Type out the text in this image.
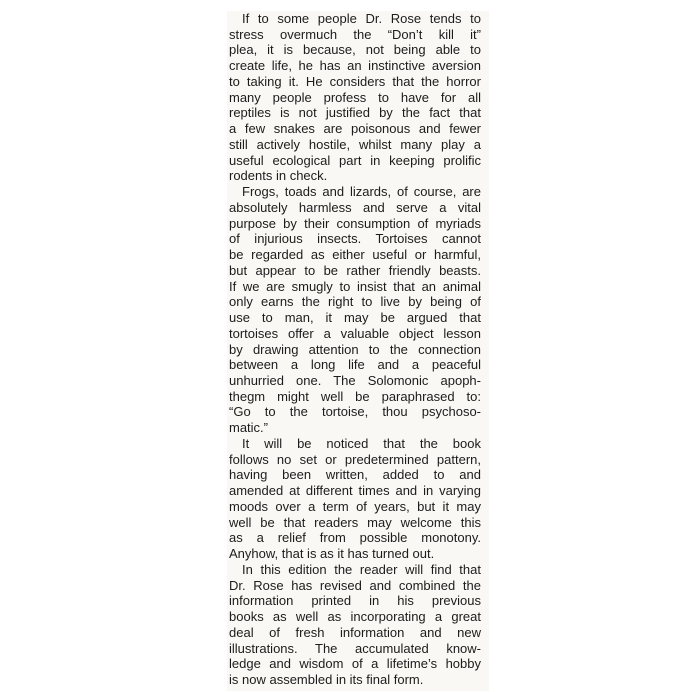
If to some people Dr. Rose tends to
stress overmuch the “Don’t kill it”
plea, it is because, not being able to
create life, he has an instinctive aversion
to taking it. He considers that the horror
many people profess to have for all
reptiles is not justified by the fact that
a few snakes are poisonous and fewer
still actively hostile, whilst many play a
useful ecological part in keeping prolific
rodents in check.
Frogs, toads and lizards, of course, are
absolutely harmless and serve a vital
purpose by their consumption of myriads
of injurious insects. Tortoises cannot
be regarded as either useful or harmful,
but appear to be rather friendly beasts.
If we are smugly to insist that an animal
only earns the right to live by being of
use to man, it may be argued that
tortoises offer a valuable object lesson
by drawing attention to the connection
between a long life and a peaceful
unhurried one. The Solomonic apoph-
thegm might well be paraphrased to:
“Go to the tortoise, thou psychoso-
matic.”
It will be noticed that the book
follows no set or predetermined pattern,
having been written, added to and
amended at different times and in varying
moods over a term of years, but it may
well be that readers may welcome this
as a relief from possible monotony.
Anyhow, that is as it has turned out.
In this edition the reader will find that
Dr. Rose has revised and combined the
information printed in his previous
books as well as incorporating a great
deal of fresh information and new
illustrations. The accumulated know-
ledge and wisdom of a lifetime’s hobby
is now assembled in its final form.
